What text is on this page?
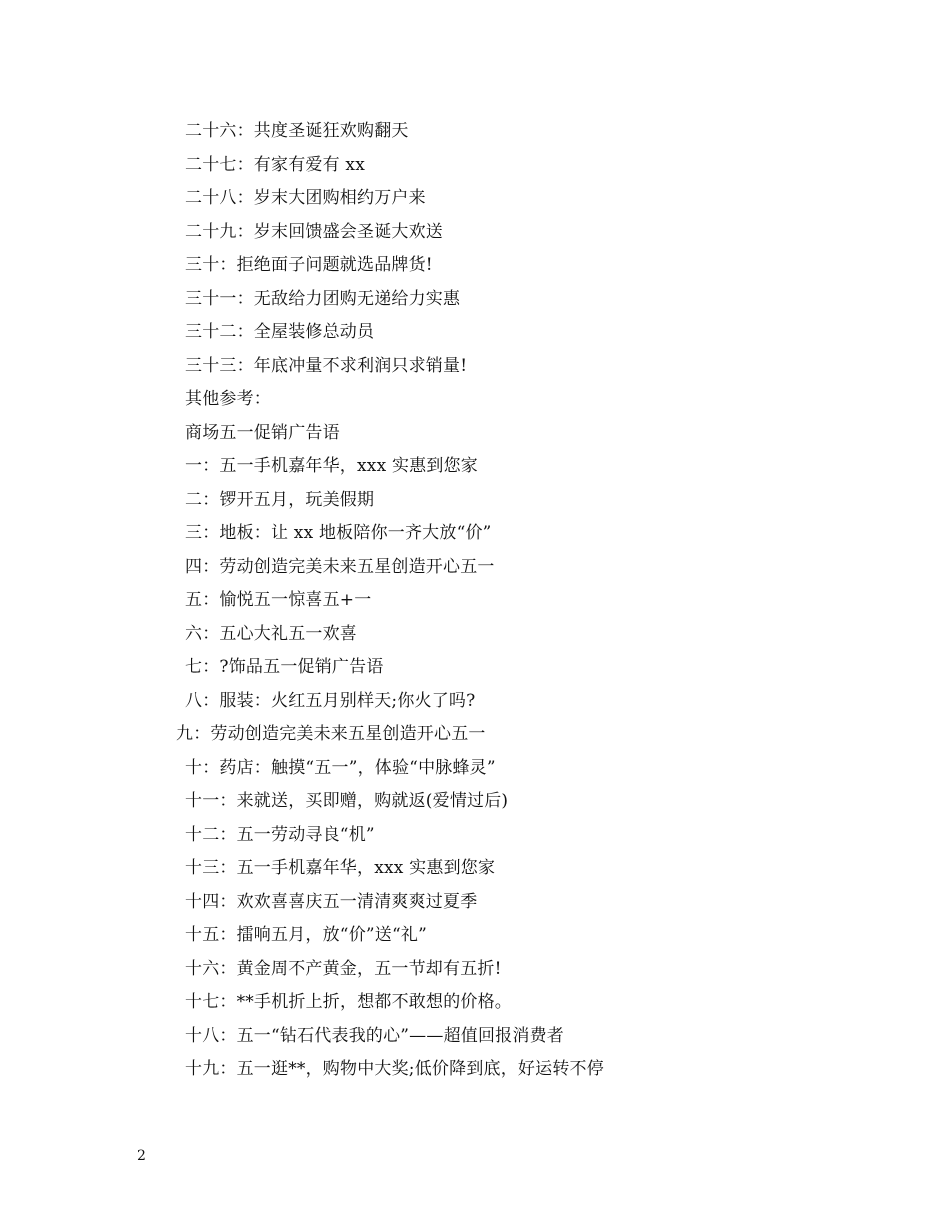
二十六：共度圣诞狂欢购翻天
二十七：有家有爱有 xx
二十八：岁末大团购相约万户来
二十九：岁末回馈盛会圣诞大欢送
三十：拒绝面子问题就选品牌货!
三十一：无敌给力团购无递给力实惠
三十二：全屋装修总动员
三十三：年底冲量不求利润只求销量!
其他参考：
商场五一促销广告语
一：五一手机嘉年华，xxx 实惠到您家
二：锣开五月，玩美假期
三：地板：让 xx 地板陪你一齐大放“价”
四：劳动创造完美未来五星创造开心五一
五：愉悦五一惊喜五+一
六：五心大礼五一欢喜
七：?饰品五一促销广告语
八：服装：火红五月别样天;你火了吗?
九：劳动创造完美未来五星创造开心五一
十：药店：触摸“五一”，体验“中脉蜂灵”
十一：来就送，买即赠，购就返(爱情过后)
十二：五一劳动寻良“机”
十三：五一手机嘉年华，xxx 实惠到您家
十四：欢欢喜喜庆五一清清爽爽过夏季
十五：擂响五月，放“价”送“礼”
十六：黄金周不产黄金，五一节却有五折!
十七：**手机折上折，想都不敢想的价格。
十八：五一“钻石代表我的心”——超值回报消费者
十九：五一逛**，购物中大奖;低价降到底，好运转不停
2
